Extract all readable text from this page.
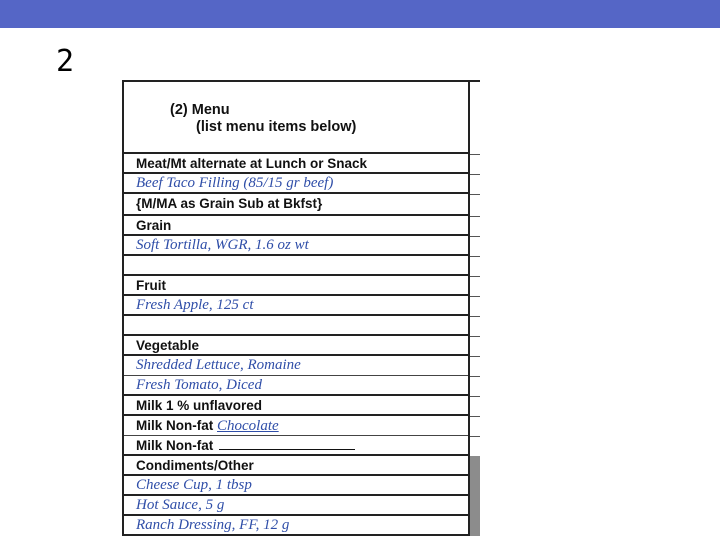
2
(2) Menu
(list menu items below)
Meat/Mt alternate at Lunch or Snack
Beef Taco Filling (85/15 gr beef)
{M/MA as Grain Sub at Bkfst}
Grain
Soft Tortilla, WGR, 1.6 oz wt
Fruit
Fresh Apple, 125 ct
Vegetable
Shredded Lettuce, Romaine
Fresh Tomato, Diced
Milk 1 % unflavored
Milk Non-fat Chocolate
Milk Non-fat
Condiments/Other
Cheese Cup, 1 tbsp
Hot Sauce, 5 g
Ranch Dressing, FF, 12 g
